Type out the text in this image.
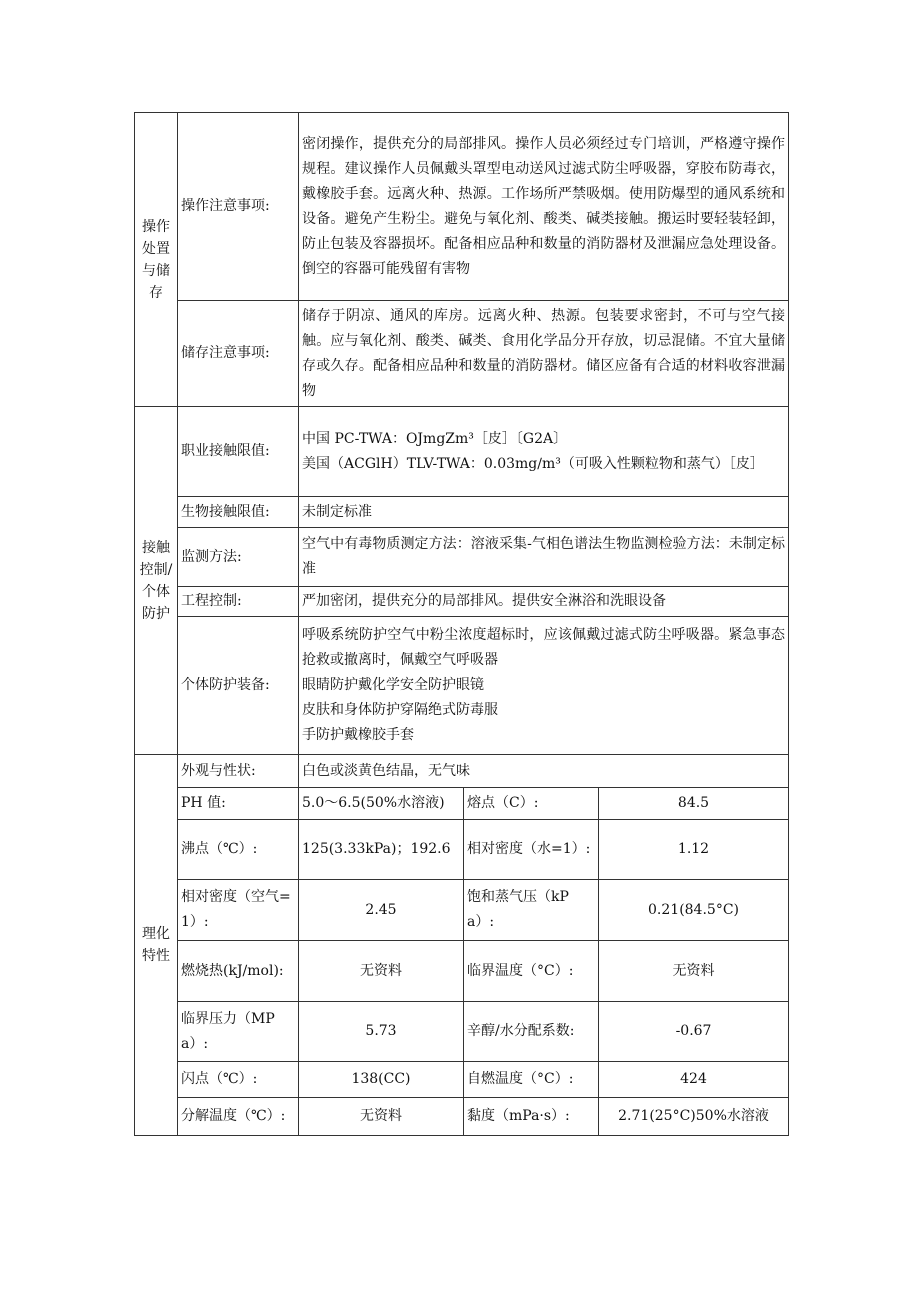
操作处置与储存	操作注意事项:	密闭操作，提供充分的局部排风。操作人员必须经过专门培训，严格遵守操作规程。建议操作人员佩戴头罩型电动送风过滤式防尘呼吸器，穿胶布防毒衣，戴橡胶手套。远离火种、热源。工作场所严禁吸烟。使用防爆型的通风系统和设备。避免产生粉尘。避免与氧化剂、酸类、碱类接触。搬运时要轻装轻卸，防止包装及容器损坏。配备相应品种和数量的消防器材及泄漏应急处理设备。倒空的容器可能残留有害物		
	储存注意事项:	储存于阴凉、通风的库房。远离火种、热源。包装要求密封，不可与空气接触。应与氧化剂、酸类、碱类、食用化学品分开存放，切忌混储。不宜大量储存或久存。配备相应品种和数量的消防器材。储区应备有合适的材料收容泄漏物		
接触控制/个体防护	职业接触限值:	中国 PC-TWA：OJmgZm³［皮］〔G2A〕
美国（ACGlH）TLV-TWA：0.03mg∕m³（可吸入性颗粒物和蒸气）［皮］		

	生物接触限值:	未制定标准		
	监测方法:	空气中有毒物质测定方法：溶液采集-气相色谱法生物监测检验方法：未制定标准		
	工程控制:	严加密闭，提供充分的局部排风。提供安全淋浴和洗眼设备		
	个体防护装备:	呼吸系统防护空气中粉尘浓度超标时，应该佩戴过滤式防尘呼吸器。紧急事态抢救或撤离时，佩戴空气呼吸器
眼睛防护戴化学安全防护眼镜
皮肤和身体防护穿隔绝式防毒服
手防护戴橡胶手套		

理化特性	外观与性状:	白色或淡黄色结晶，无气味		
	PH 值:	5.0～6.5(50%水溶液)	熔点（C）:	84.5
	沸点（℃）:	125(3.33kPa)；192.6	相对密度（水=1）:	1.12
	相对密度（空气=1）:	2.45	饱和蒸气压（kPa）:	0.21(84.5°C)
	燃烧热(kJ∕mol):	无资料	临界温度（°C）:	无资料
	临界压力（MPa）:	5.73	辛醇/水分配系数:	-0.67
	闪点（℃）:	138(CC)	自燃温度（°C）:	424
	分解温度（℃）:	无资料	黏度（mPa·s）:	2.71(25°C)50%水溶液
